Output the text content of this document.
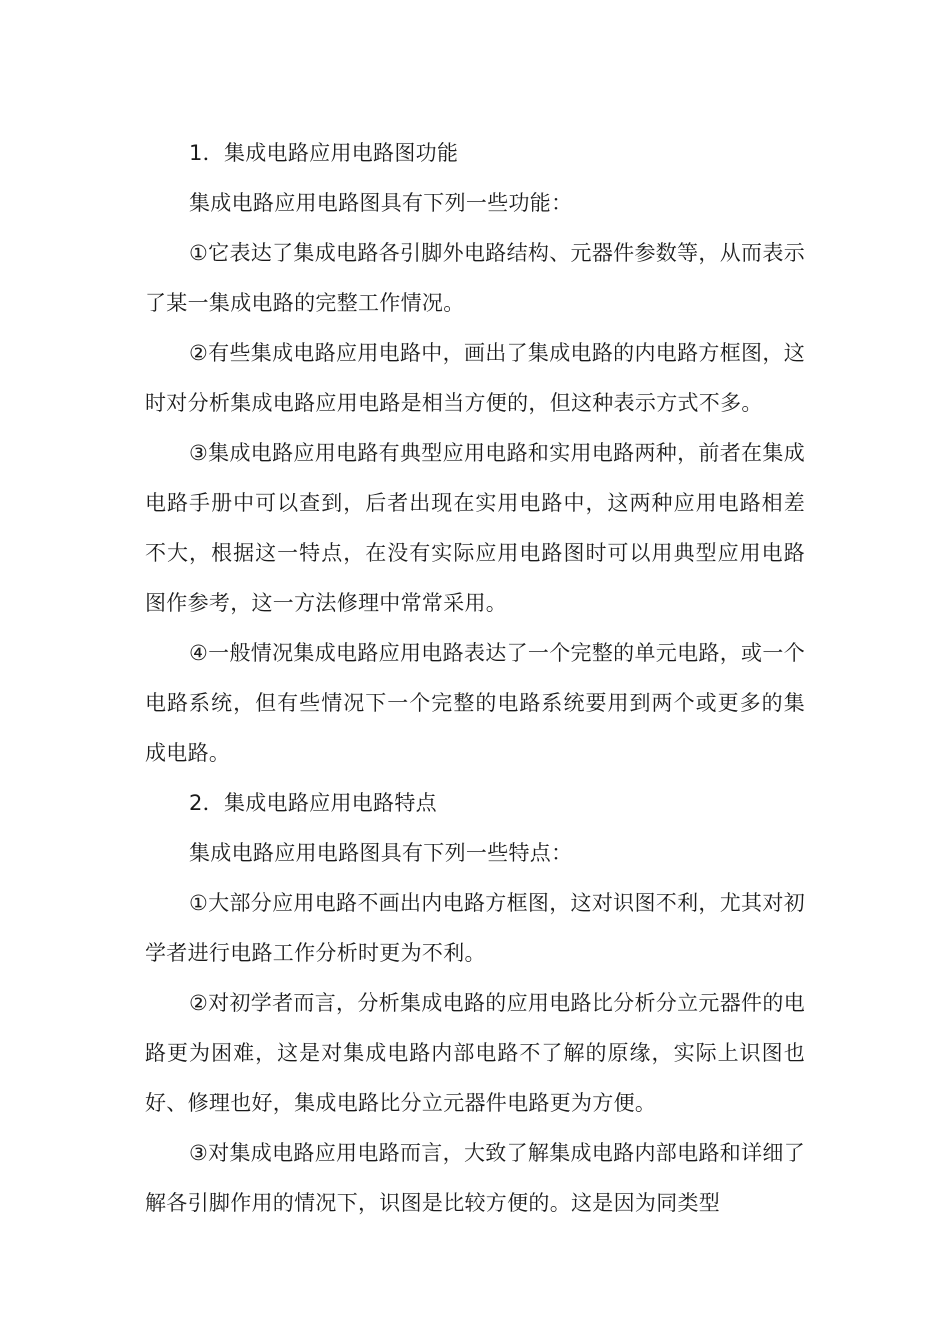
1．集成电路应用电路图功能

集成电路应用电路图具有下列一些功能：

①它表达了集成电路各引脚外电路结构、元器件参数等，从而表示了某一集成电路的完整工作情况。

②有些集成电路应用电路中，画出了集成电路的内电路方框图，这时对分析集成电路应用电路是相当方便的，但这种表示方式不多。

③集成电路应用电路有典型应用电路和实用电路两种，前者在集成电路手册中可以查到，后者出现在实用电路中，这两种应用电路相差不大，根据这一特点，在没有实际应用电路图时可以用典型应用电路图作参考，这一方法修理中常常采用。

④一般情况集成电路应用电路表达了一个完整的单元电路，或一个电路系统，但有些情况下一个完整的电路系统要用到两个或更多的集成电路。

2．集成电路应用电路特点

集成电路应用电路图具有下列一些特点：

①大部分应用电路不画出内电路方框图，这对识图不利，尤其对初学者进行电路工作分析时更为不利。

②对初学者而言，分析集成电路的应用电路比分析分立元器件的电路更为困难，这是对集成电路内部电路不了解的原缘，实际上识图也好、修理也好，集成电路比分立元器件电路更为方便。

③对集成电路应用电路而言，大致了解集成电路内部电路和详细了解各引脚作用的情况下，识图是比较方便的。这是因为同类型
